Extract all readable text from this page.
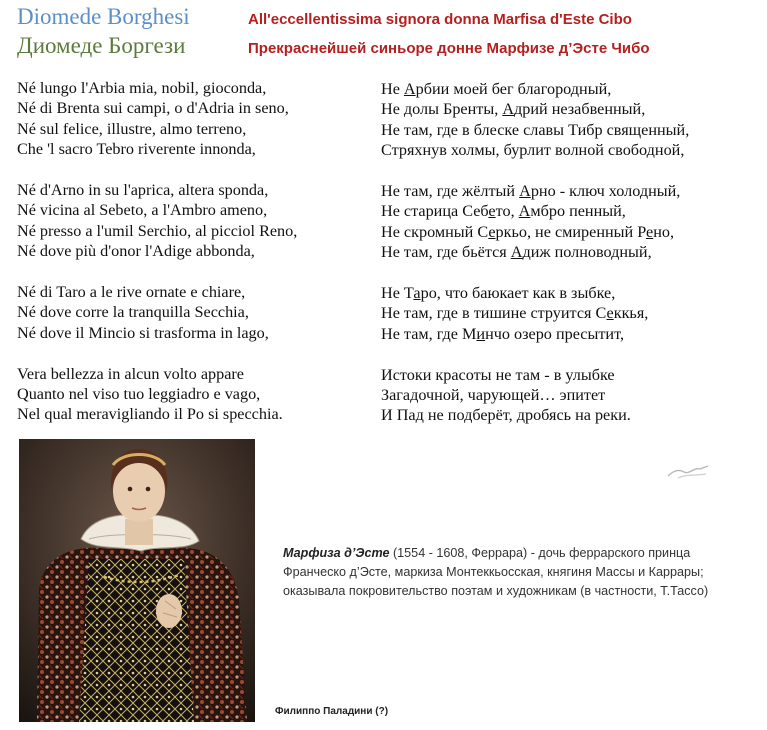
Diomede Borghesi
Диомеде Боргези
All'eccellentissima signora donna Marfisa d'Este Cibo
Прекраснейшей синьоре донне Марфизе д’Эсте Чибо
Né lungo l'Arbia mia, nobil, gioconda,
Né di Brenta sui campi, o d'Adria in seno,
Né sul felice, illustre, almo terreno,
Che 'l sacro Tebro riverente innonda,
Né d'Arno in su l'aprica, altera sponda,
Né vicina al Sebeto, a l'Ambro ameno,
Né presso a l'umil Serchio, al picciol Reno,
Né dove più d'onor l'Adige abbonda,
Né di Taro a le rive ornate e chiare,
Né dove corre la tranquilla Secchia,
Né dove il Mincio si trasforma in lago,
Vera bellezza in alcun volto appare
Quanto nel viso tuo leggiadro e vago,
Nel qual meravigliando il Po si specchia.
Не Арбии моей бег благородный,
Не долы Бренты, Адрий незабвенный,
Не там, где в блеске славы Тибр священный,
Стряхнув холмы, бурлит волной свободной,
Не там, где жёлтый Арно - ключ холодный,
Не старица Себето, Амбро пенный,
Не скромный Серкьо, не смиренный Рено,
Не там, где бьётся Адиж полноводный,
Не Таро, что баюкает как в зыбке,
Не там, где в тишине струится Секкья,
Не там, где Минчо озеро пресытит,
Истоки красоты не там - в улыбке
Загадочной, чарующей… эпитет
И Пад не подберёт, дробясь на реки.
Марфиза д’Эсте (1554 - 1608, Феррара) - дочь феррарского принца Франческо д’Эсте, маркиза Монтеккьосская, княгиня Массы и Каррары; оказывала покровительство поэтам и художникам (в частности, Т.Тассо)
Филиппо Паладини (?)
